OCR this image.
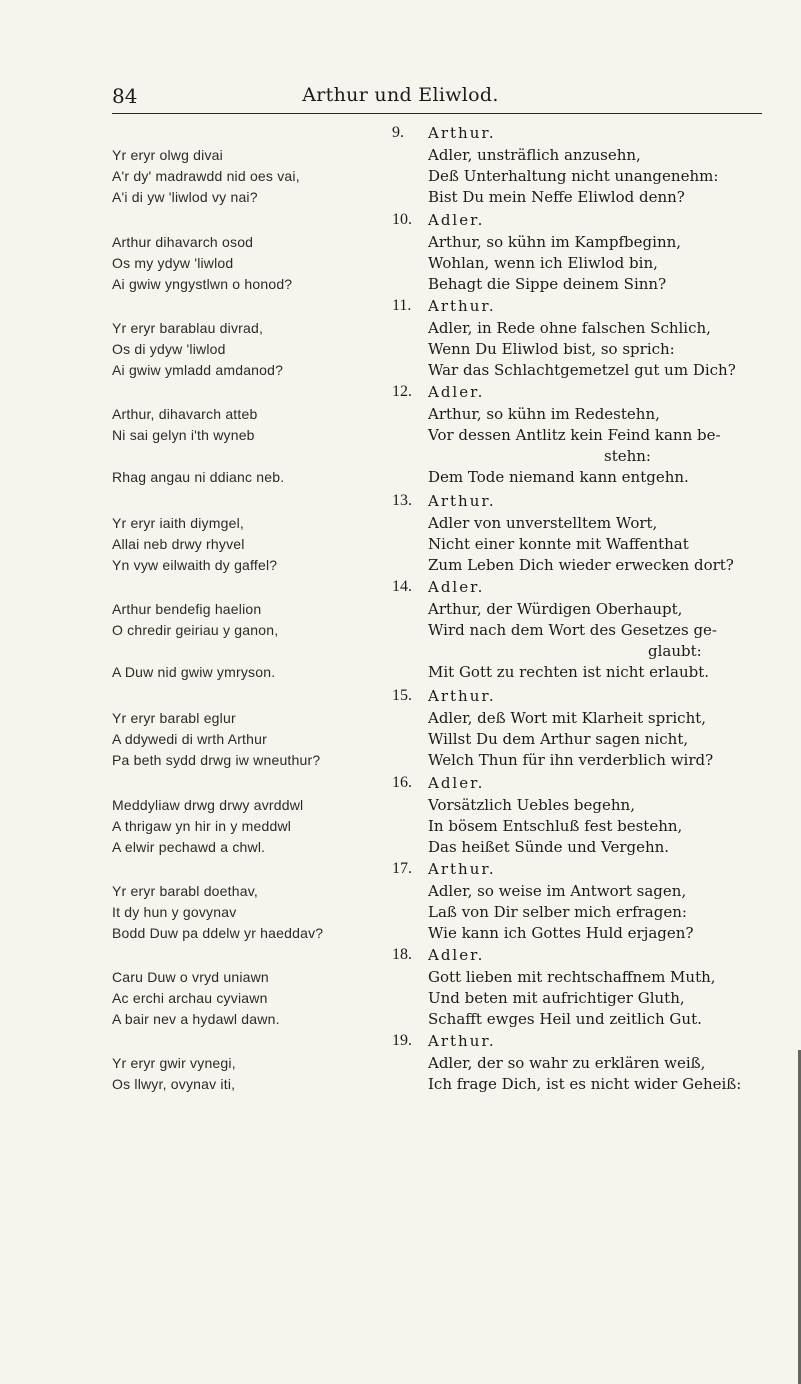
84	Arthur und Eliwlod.
9. Arthur.
Yr eryr olwg divai
A'r dy' madrawdd nid oes vai,
A'i di yw 'liwlod vy nai?
Adler, unsträflich anzusehn,
Deß Unterhaltung nicht unangenehm:
Bist Du mein Neffe Eliwlod denn?
10. Adler.
Arthur dihavarch osod
Os my ydyw 'liwlod
Ai gwiw yngystlwn o honod?
Arthur, so kühn im Kampfbeginn,
Wohlan, wenn ich Eliwlod bin,
Behagt die Sippe deinem Sinn?
11. Arthur.
Yr eryr barablau divrad,
Os di ydyw 'liwlod
Ai gwiw ymladd amdanod?
Adler, in Rede ohne falschen Schlich,
Wenn Du Eliwlod bist, so sprich:
War das Schlachtgemetzel gut um Dich?
12. Adler.
Arthur, dihavarch atteb
Ni sai gelyn i'th wyneb
Rhag angau ni ddianc neb.
Arthur, so kühn im Redestehn,
Vor dessen Antlitz kein Feind kann be-
stehn:
Dem Tode niemand kann entgehn.
13. Arthur.
Yr eryr iaith diymgel,
Allai neb drwy rhyvel
Yn vyw eilwaith dy gaffel?
Adler von unverstelltem Wort,
Nicht einer konnte mit Waffenthat
Zum Leben Dich wieder erwecken dort?
14. Adler.
Arthur bendefig haelion
O chredir geiriau y ganon,
A Duw nid gwiw ymryson.
Arthur, der Würdigen Oberhaupt,
Wird nach dem Wort des Gesetzes ge-
glaubt:
Mit Gott zu rechten ist nicht erlaubt.
15. Arthur.
Yr eryr barabl eglur
A ddywedi di wrth Arthur
Pa beth sydd drwg iw wneuthur?
Adler, deß Wort mit Klarheit spricht,
Willst Du dem Arthur sagen nicht,
Welch Thun für ihn verderblich wird?
16. Adler.
Meddyliaw drwg drwy avrddwl
A thrigaw yn hir in y meddwl
A elwir pechawd a chwl.
Vorsätzlich Uebles begehn,
In bösem Entschluß fest bestehn,
Das heißet Sünde und Vergehn.
17. Arthur.
Yr eryr barabl doethav,
It dy hun y govynav
Bodd Duw pa ddelw yr haeddav?
Adler, so weise im Antwort sagen,
Laß von Dir selber mich erfragen:
Wie kann ich Gottes Huld erjagen?
18. Adler.
Caru Duw o vryd uniawn
Ac erchi archau cyviawn
A bair nev a hydawl dawn.
Gott lieben mit rechtschaffnem Muth,
Und beten mit aufrichtiger Gluth,
Schafft ewges Heil und zeitlich Gut.
19. Arthur.
Yr eryr gwir vynegi,
Os llwyr, ovynav iti,
Adler, der so wahr zu erklären weiß,
Ich frage Dich, ist es nicht wider Geheiß:
